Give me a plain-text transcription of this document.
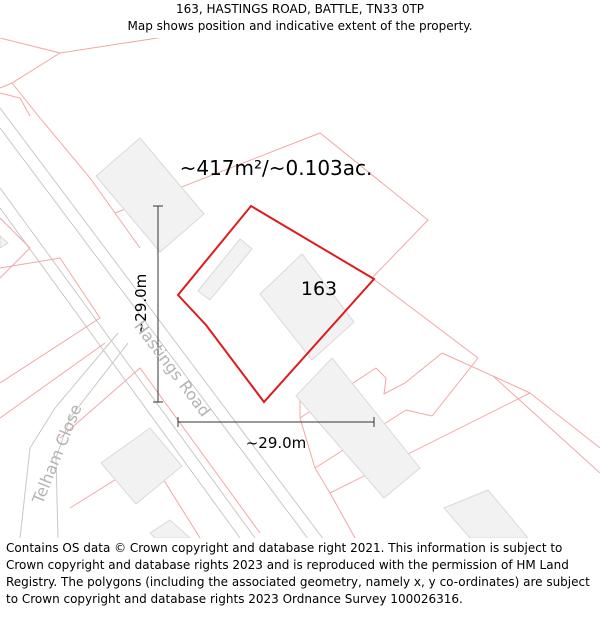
163, HASTINGS ROAD, BATTLE, TN33 0TP
Map shows position and indicative extent of the property.
~417m²/~0.103ac.
163
~29.0m
~29.0m
Hastings Road
Telham Close
Contains OS data © Crown copyright and database right 2021. This information is subject to Crown copyright and database rights 2023 and is reproduced with the permission of HM Land Registry. The polygons (including the associated geometry, namely x, y co-ordinates) are subject to Crown copyright and database rights 2023 Ordnance Survey 100026316.
